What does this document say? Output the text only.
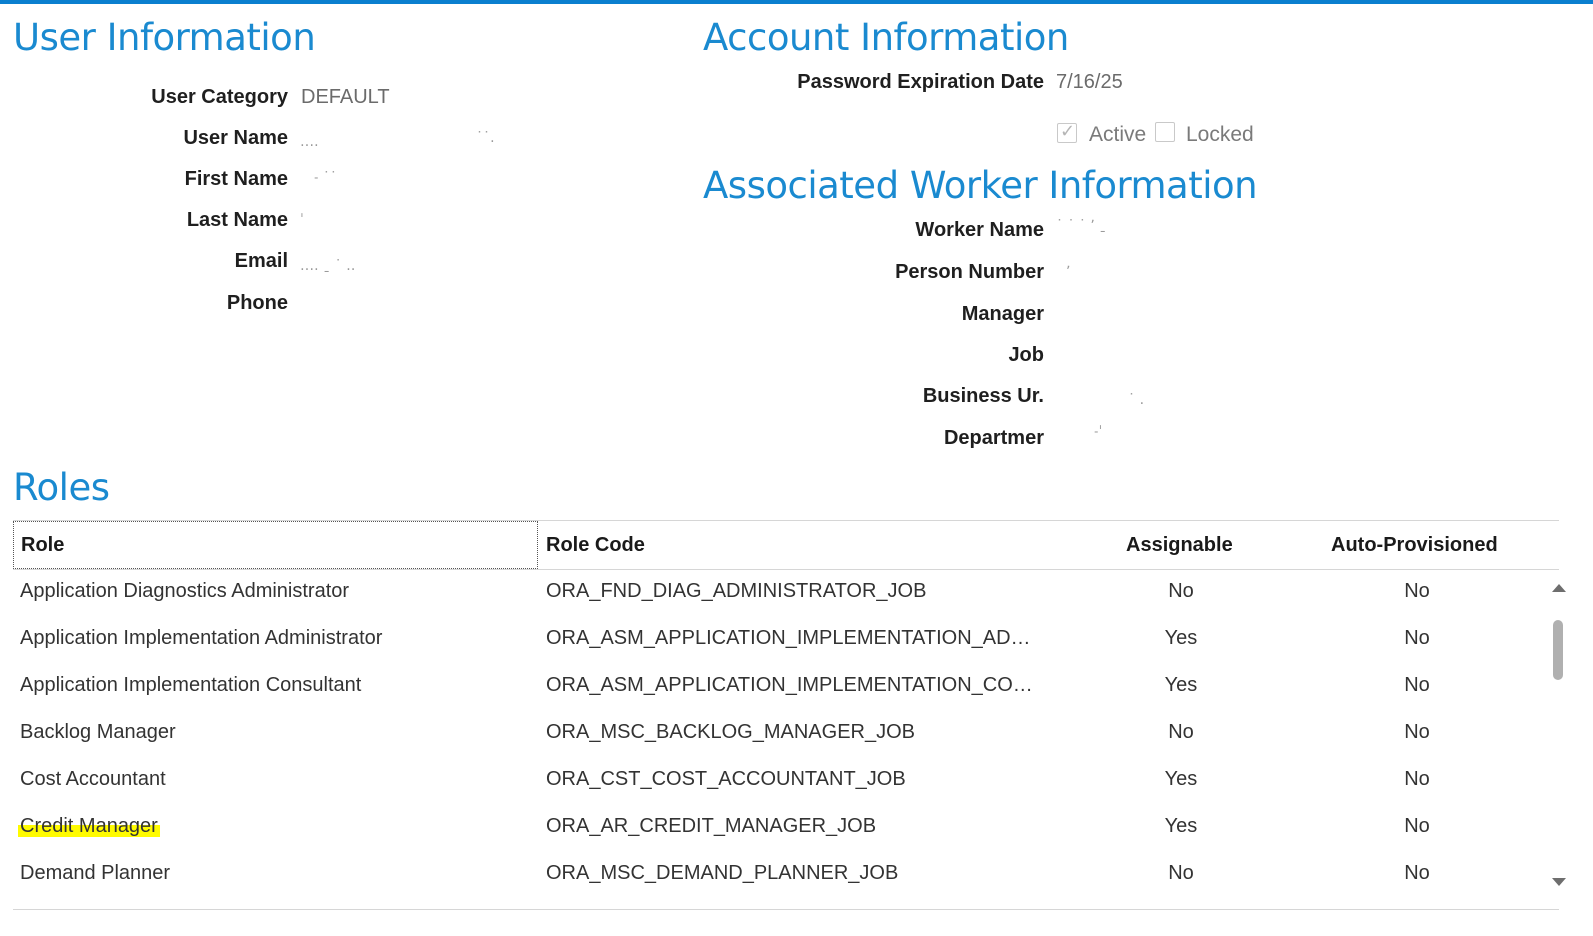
User Information
User Category DEFAULT
User Name ․․․․	˙˙․
First Name ˗ ˙˙
Last Name ˈ
Email ․․․․ ˍ ˙ ․․
Phone
Account Information
Password Expiration Date 7/16/25
✓ Active Locked
Associated Worker Information
Worker Name ˙ ˙ ˙ ʼ ˍ
Person Number ʼ
Manager
Job
Business Ur.	˙ ․
Departmer	˗ˈ
Roles
Role	Role Code	Assignable	Auto-Provisioned
Application Diagnostics Administrator	ORA_FND_DIAG_ADMINISTRATOR_JOB	No	No
Application Implementation Administrator	ORA_ASM_APPLICATION_IMPLEMENTATION_AD…	Yes	No
Application Implementation Consultant	ORA_ASM_APPLICATION_IMPLEMENTATION_CO…	Yes	No
Backlog Manager	ORA_MSC_BACKLOG_MANAGER_JOB	No	No
Cost Accountant	ORA_CST_COST_ACCOUNTANT_JOB	Yes	No
Credit Manager	ORA_AR_CREDIT_MANAGER_JOB	Yes	No
Demand Planner	ORA_MSC_DEMAND_PLANNER_JOB	No	No
